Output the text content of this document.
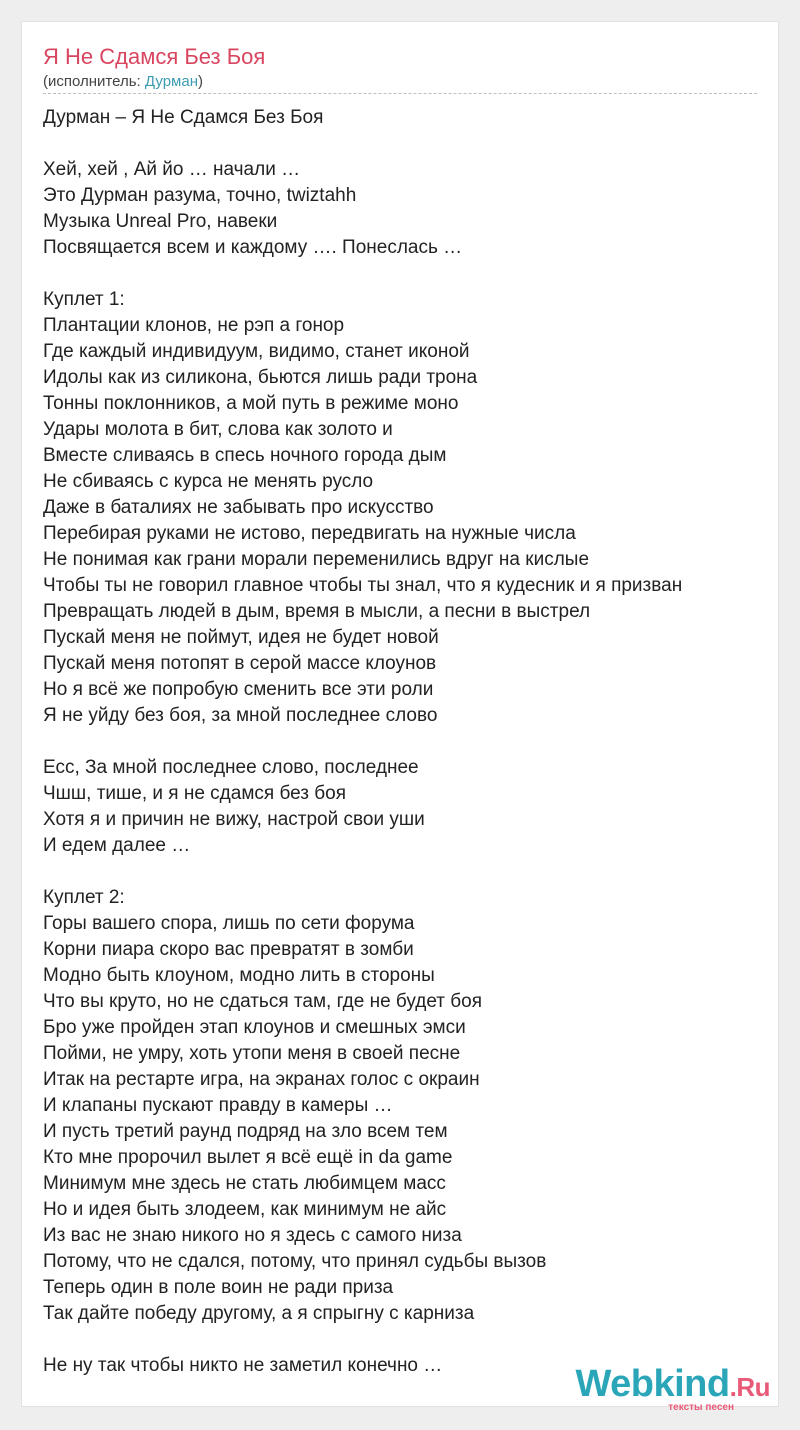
Я Не Сдамся Без Боя
(исполнитель: Дурман)
Дурман – Я Не Сдамся Без Боя
Хей, хей , Ай йо … начали …
Это Дурман разума, точно, twiztahh
Музыка Unreal Pro, навеки
Посвящается всем и каждому …. Понеслась …
Куплет 1:
Плантации клонов, не рэп а гонор
Где каждый индивидуум, видимо, станет иконой
Идолы как из силикона, бьются лишь ради трона
Тонны поклонников, а мой путь в режиме моно
Удары молота в бит, слова как золото и
Вместе сливаясь в спесь ночного города дым
Не сбиваясь с курса не менять русло
Даже в баталиях не забывать про искусство
Перебирая руками не истово, передвигать на нужные числа
Не понимая как грани морали переменились вдруг на кислые
Чтобы ты не говорил главное чтобы ты знал, что я кудесник и я призван
Превращать людей в дым, время в мысли, а песни в выстрел
Пускай меня не поймут, идея не будет новой
Пускай меня потопят в серой массе клоунов
Но я всё же попробую сменить все эти роли
Я не уйду без боя, за мной последнее слово
Есс, За мной последнее слово, последнее
Чшш, тише, и я не сдамся без боя
Хотя я и причин не вижу, настрой свои уши
И едем далее …
Куплет 2:
Горы вашего спора, лишь по сети форума
Корни пиара скоро вас превратят в зомби
Модно быть клоуном, модно лить в стороны
Что вы круто, но не сдаться там, где не будет боя
Бро уже пройден этап клоунов и смешных эмси
Пойми, не умру, хоть утопи меня в своей песне
Итак на рестарте игра, на экранах голос с окраин
И клапаны пускают правду в камеры …
И пусть третий раунд подряд на зло всем тем
Кто мне пророчил вылет я всё ещё in da game
Минимум мне здесь не стать любимцем масс
Но и идея быть злодеем, как минимум не айс
Из вас не знаю никого но я здесь с самого низа
Потому, что не сдался, потому, что принял судьбы вызов
Теперь один в поле воин не ради приза
Так дайте победу другому, а я спрыгну с карниза
Не ну так чтобы никто не заметил конечно …	Webkind.Ru
тексты песен
